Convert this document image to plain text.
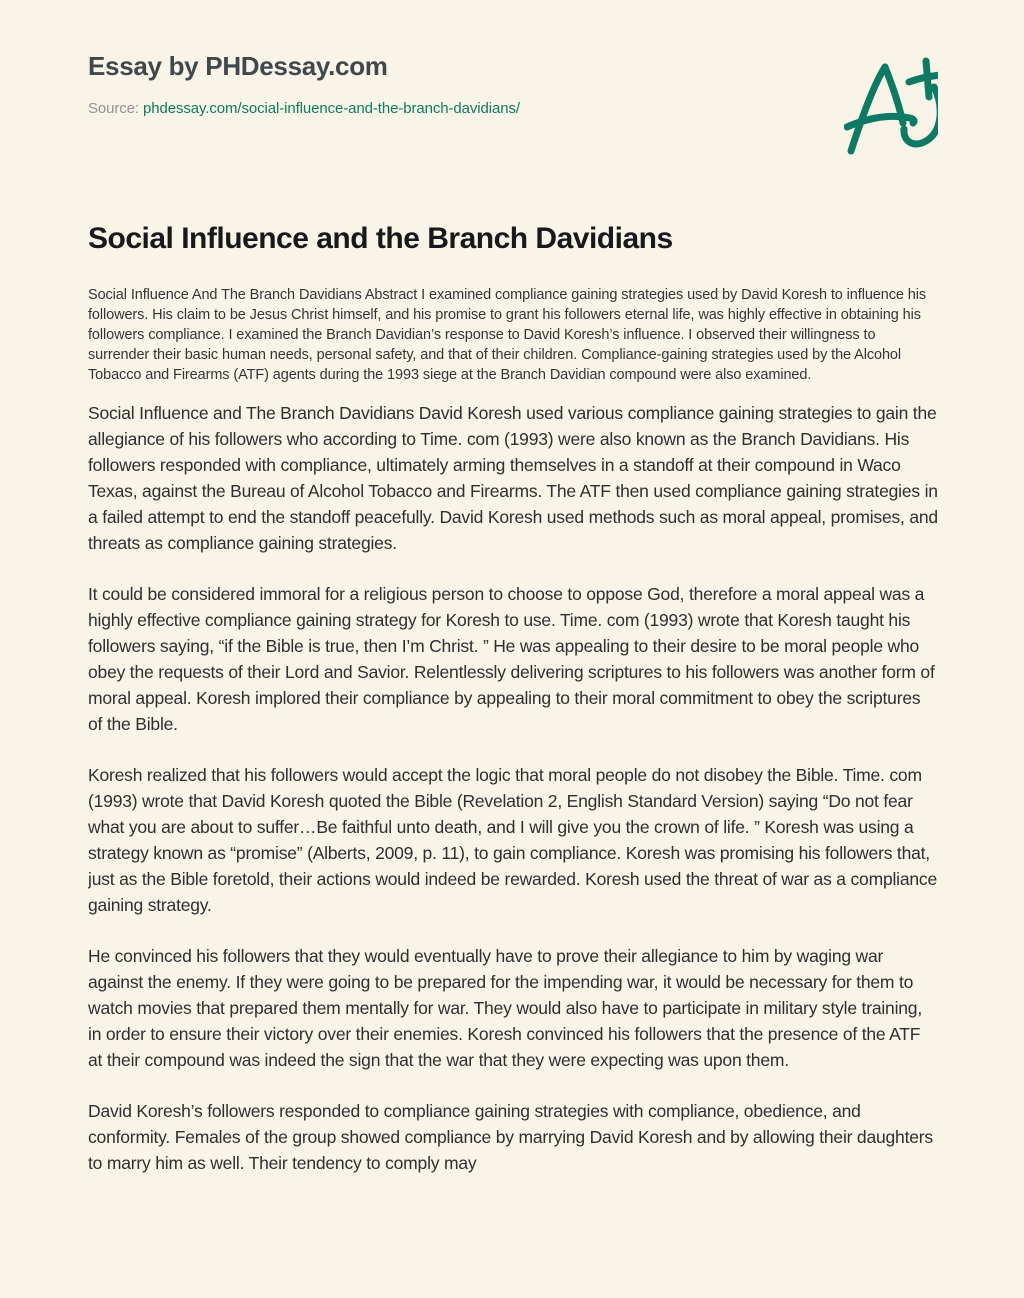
Essay by PHDessay.com
Source: phdessay.com/social-influence-and-the-branch-davidians/
Social Influence and the Branch Davidians

Social Influence And The Branch Davidians Abstract I examined compliance gaining strategies used by David Koresh to influence his followers. His claim to be Jesus Christ himself, and his promise to grant his followers eternal life, was highly effective in obtaining his followers compliance. I examined the Branch Davidian’s response to David Koresh’s influence. I observed their willingness to surrender their basic human needs, personal safety, and that of their children. Compliance-gaining strategies used by the Alcohol Tobacco and Firearms (ATF) agents during the 1993 siege at the Branch Davidian compound were also examined.

Social Influence and The Branch Davidians David Koresh used various compliance gaining strategies to gain the allegiance of his followers who according to Time. com (1993) were also known as the Branch Davidians. His followers responded with compliance, ultimately arming themselves in a standoff at their compound in Waco Texas, against the Bureau of Alcohol Tobacco and Firearms. The ATF then used compliance gaining strategies in a failed attempt to end the standoff peacefully. David Koresh used methods such as moral appeal, promises, and threats as compliance gaining strategies.

It could be considered immoral for a religious person to choose to oppose God, therefore a moral appeal was a highly effective compliance gaining strategy for Koresh to use. Time. com (1993) wrote that Koresh taught his followers saying, “if the Bible is true, then I’m Christ. ” He was appealing to their desire to be moral people who obey the requests of their Lord and Savior. Relentlessly delivering scriptures to his followers was another form of moral appeal. Koresh implored their compliance by appealing to their moral commitment to obey the scriptures of the Bible.

Koresh realized that his followers would accept the logic that moral people do not disobey the Bible. Time. com (1993) wrote that David Koresh quoted the Bible (Revelation 2, English Standard Version) saying “Do not fear what you are about to suffer…Be faithful unto death, and I will give you the crown of life. ” Koresh was using a strategy known as “promise” (Alberts, 2009, p. 11), to gain compliance. Koresh was promising his followers that, just as the Bible foretold, their actions would indeed be rewarded. Koresh used the threat of war as a compliance gaining strategy.

He convinced his followers that they would eventually have to prove their allegiance to him by waging war against the enemy. If they were going to be prepared for the impending war, it would be necessary for them to watch movies that prepared them mentally for war. They would also have to participate in military style training, in order to ensure their victory over their enemies. Koresh convinced his followers that the presence of the ATF at their compound was indeed the sign that the war that they were expecting was upon them.

David Koresh’s followers responded to compliance gaining strategies with compliance, obedience, and conformity. Females of the group showed compliance by marrying David Koresh and by allowing their daughters to marry him as well. Their tendency to comply may
